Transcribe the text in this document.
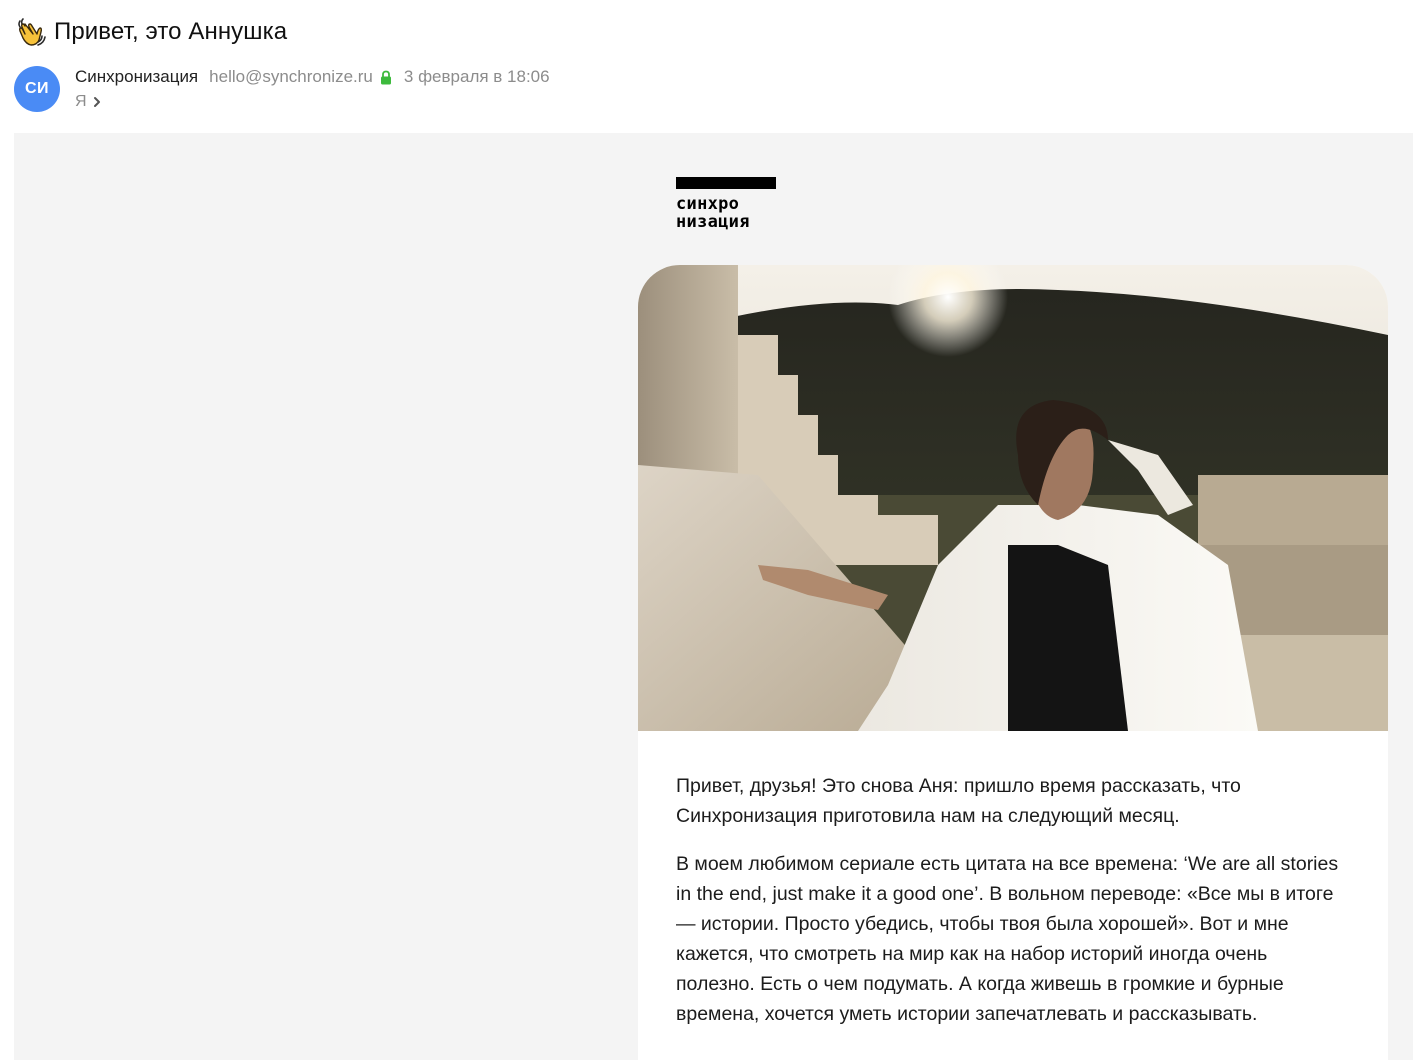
Привет, это Аннушка
СИ
Синхронизация hello@synchronize.ru 3 февраля в 18:06
Я
синхро
низация

Привет, друзья! Это снова Аня: пришло время рассказать, что Синхронизация приготовила нам на следующий месяц.

В моем любимом сериале есть цитата на все времена: ‘We are all stories in the end, just make it a good one’. В вольном переводе: «Все мы в итоге — истории. Просто убедись, чтобы твоя была хорошей». Вот и мне кажется, что смотреть на мир как на набор историй иногда очень полезно. Есть о чем подумать. А когда живешь в громкие и бурные времена, хочется уметь истории запечатлевать и рассказывать.
